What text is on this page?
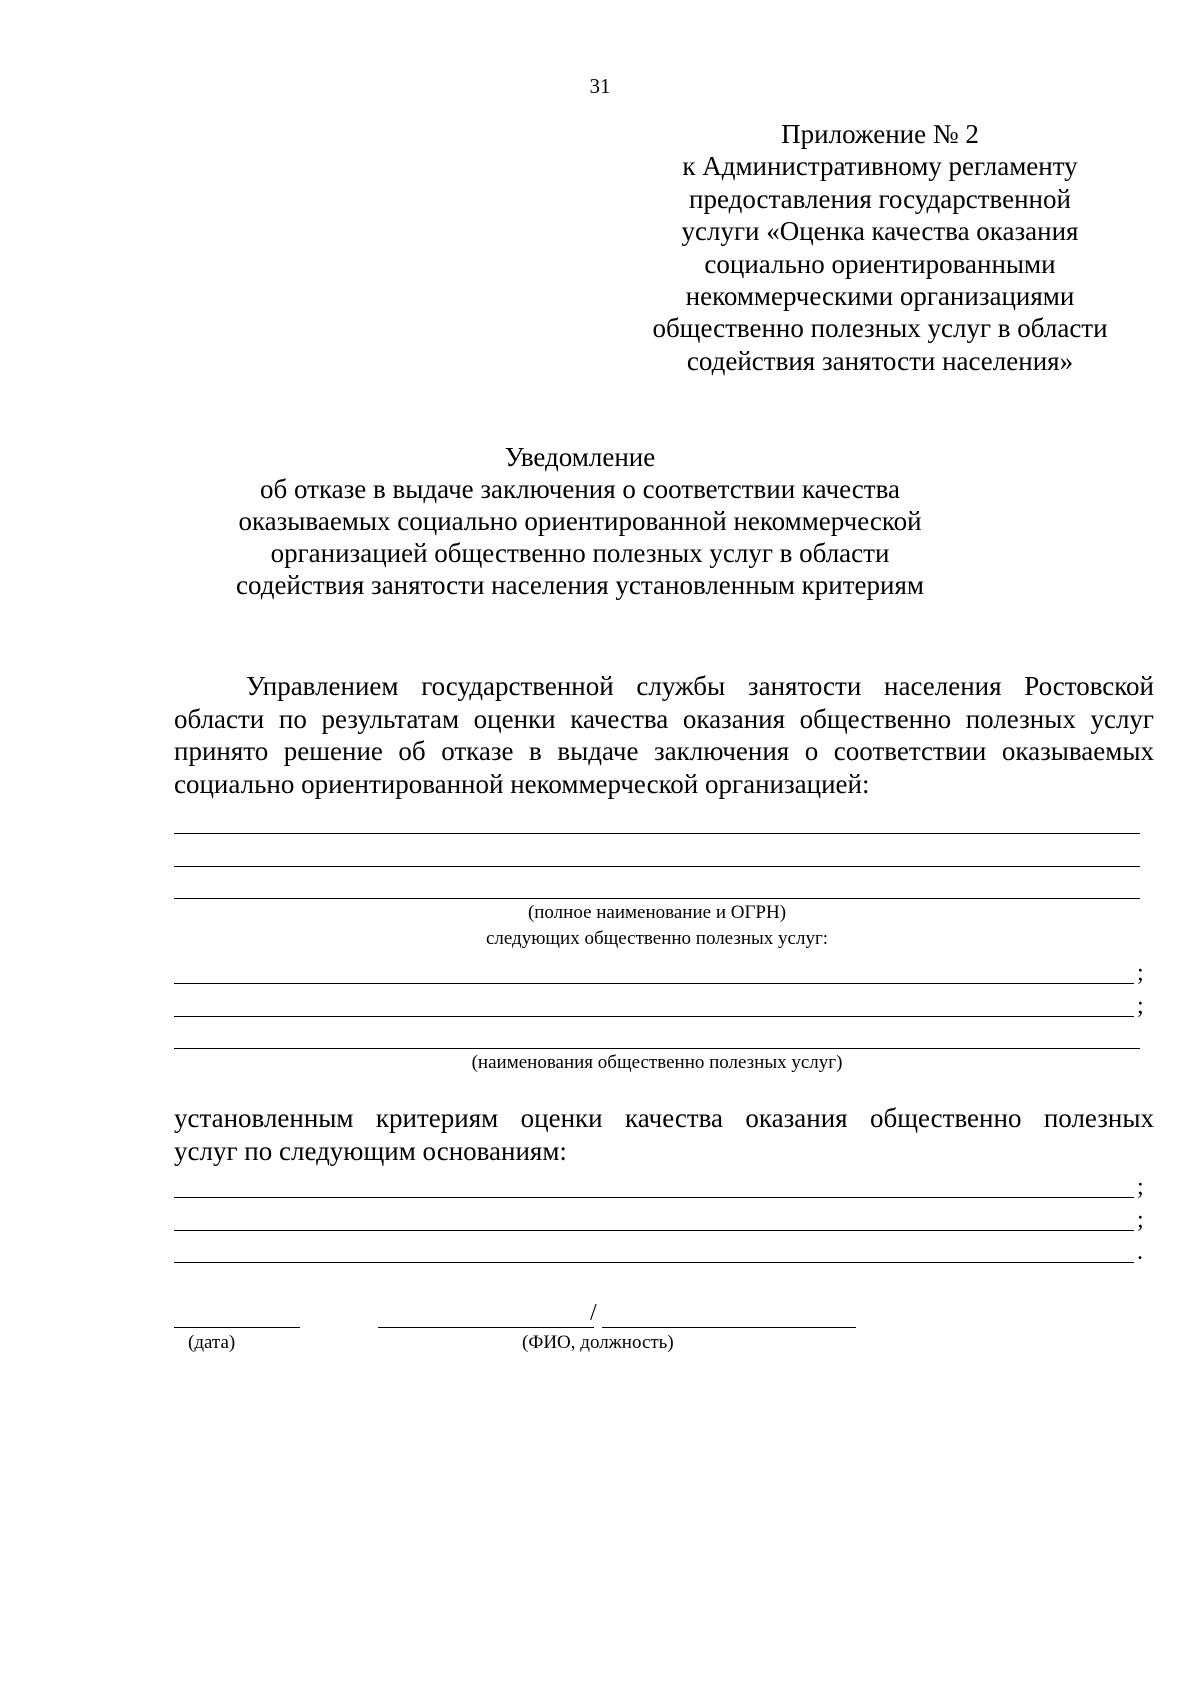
31
Приложение № 2
к Административному регламенту
предоставления государственной
услуги «Оценка качества оказания
социально ориентированными
некоммерческими организациями
общественно полезных услуг в области
содействия занятости населения»
Уведомление
об отказе в выдаче заключения о соответствии качества
оказываемых социально ориентированной некоммерческой
организацией общественно полезных услуг в области
содействия занятости населения установленным критериям
Управлением государственной службы занятости населения Ростовской
области по результатам оценки качества оказания общественно полезных услуг
принято решение об отказе в выдаче заключения о соответствии оказываемых
социально ориентированной некоммерческой организацией:
(полное наименование и ОГРН)
следующих общественно полезных услуг:
;
;
(наименования общественно полезных услуг)
установленным критериям оценки качества оказания общественно полезных
услуг по следующим основаниям:
;
;
.
/
(дата)	(ФИО, должность)
